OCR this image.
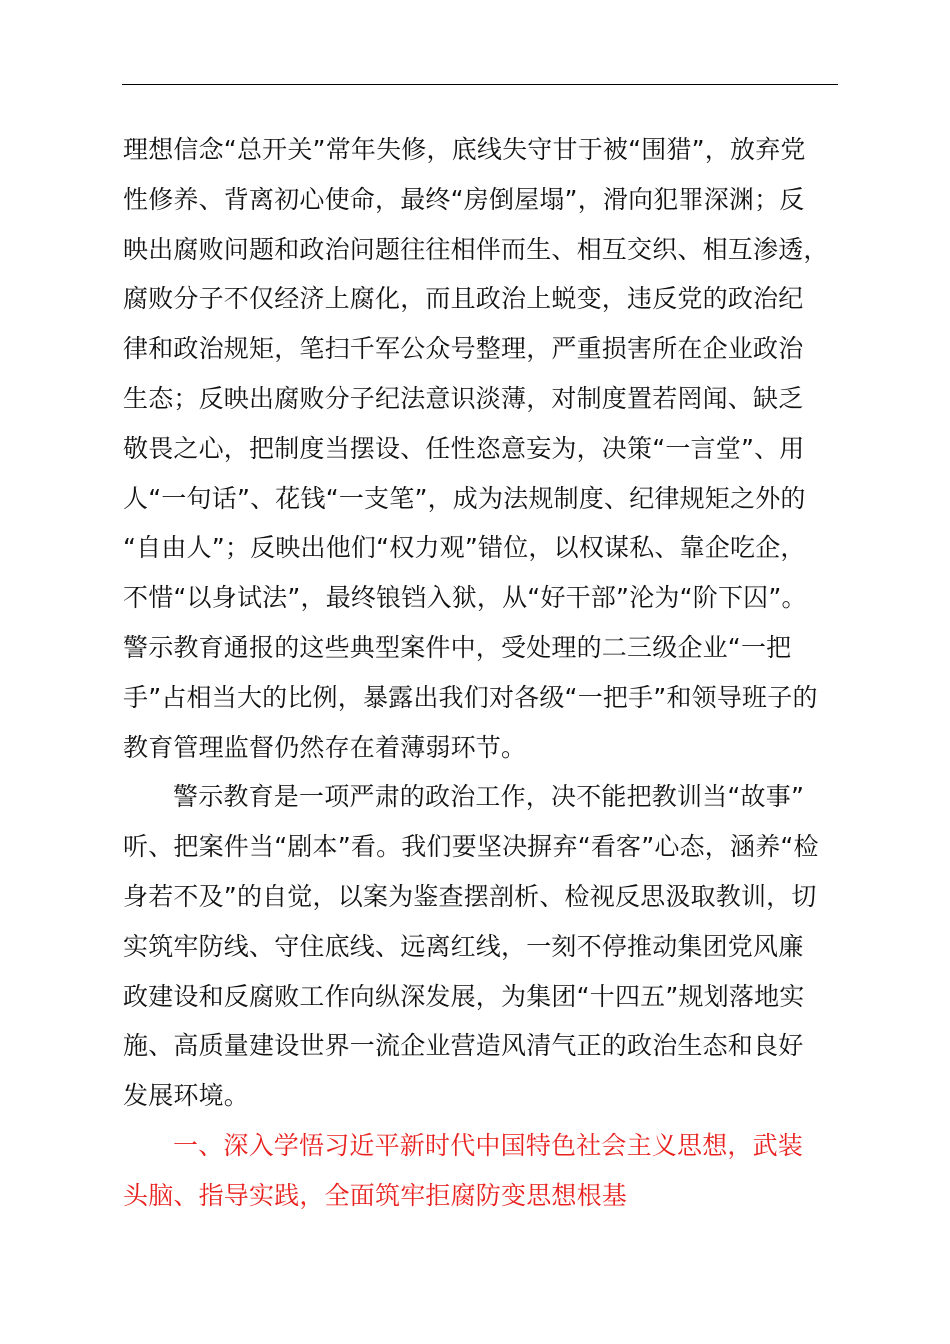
理想信念“总开关”常年失修，底线失守甘于被“围猎”，放弃党
性修养、背离初心使命，最终“房倒屋塌”，滑向犯罪深渊；反
映出腐败问题和政治问题往往相伴而生、相互交织、相互渗透，
腐败分子不仅经济上腐化，而且政治上蜕变，违反党的政治纪
律和政治规矩，笔扫千军公众号整理，严重损害所在企业政治
生态；反映出腐败分子纪法意识淡薄，对制度置若罔闻、缺乏
敬畏之心，把制度当摆设、任性恣意妄为，决策“一言堂”、用
人“一句话”、花钱“一支笔”，成为法规制度、纪律规矩之外的
“自由人”；反映出他们“权力观”错位，以权谋私、靠企吃企，
不惜“以身试法”，最终锒铛入狱，从“好干部”沦为“阶下囚”。
警示教育通报的这些典型案件中，受处理的二三级企业“一把
手”占相当大的比例，暴露出我们对各级“一把手”和领导班子的
教育管理监督仍然存在着薄弱环节。
警示教育是一项严肃的政治工作，决不能把教训当“故事”
听、把案件当“剧本”看。我们要坚决摒弃“看客”心态，涵养“检
身若不及”的自觉，以案为鉴查摆剖析、检视反思汲取教训，切
实筑牢防线、守住底线、远离红线，一刻不停推动集团党风廉
政建设和反腐败工作向纵深发展，为集团“十四五”规划落地实
施、高质量建设世界一流企业营造风清气正的政治生态和良好
发展环境。
一、深入学悟习近平新时代中国特色社会主义思想，武装
头脑、指导实践，全面筑牢拒腐防变思想根基
